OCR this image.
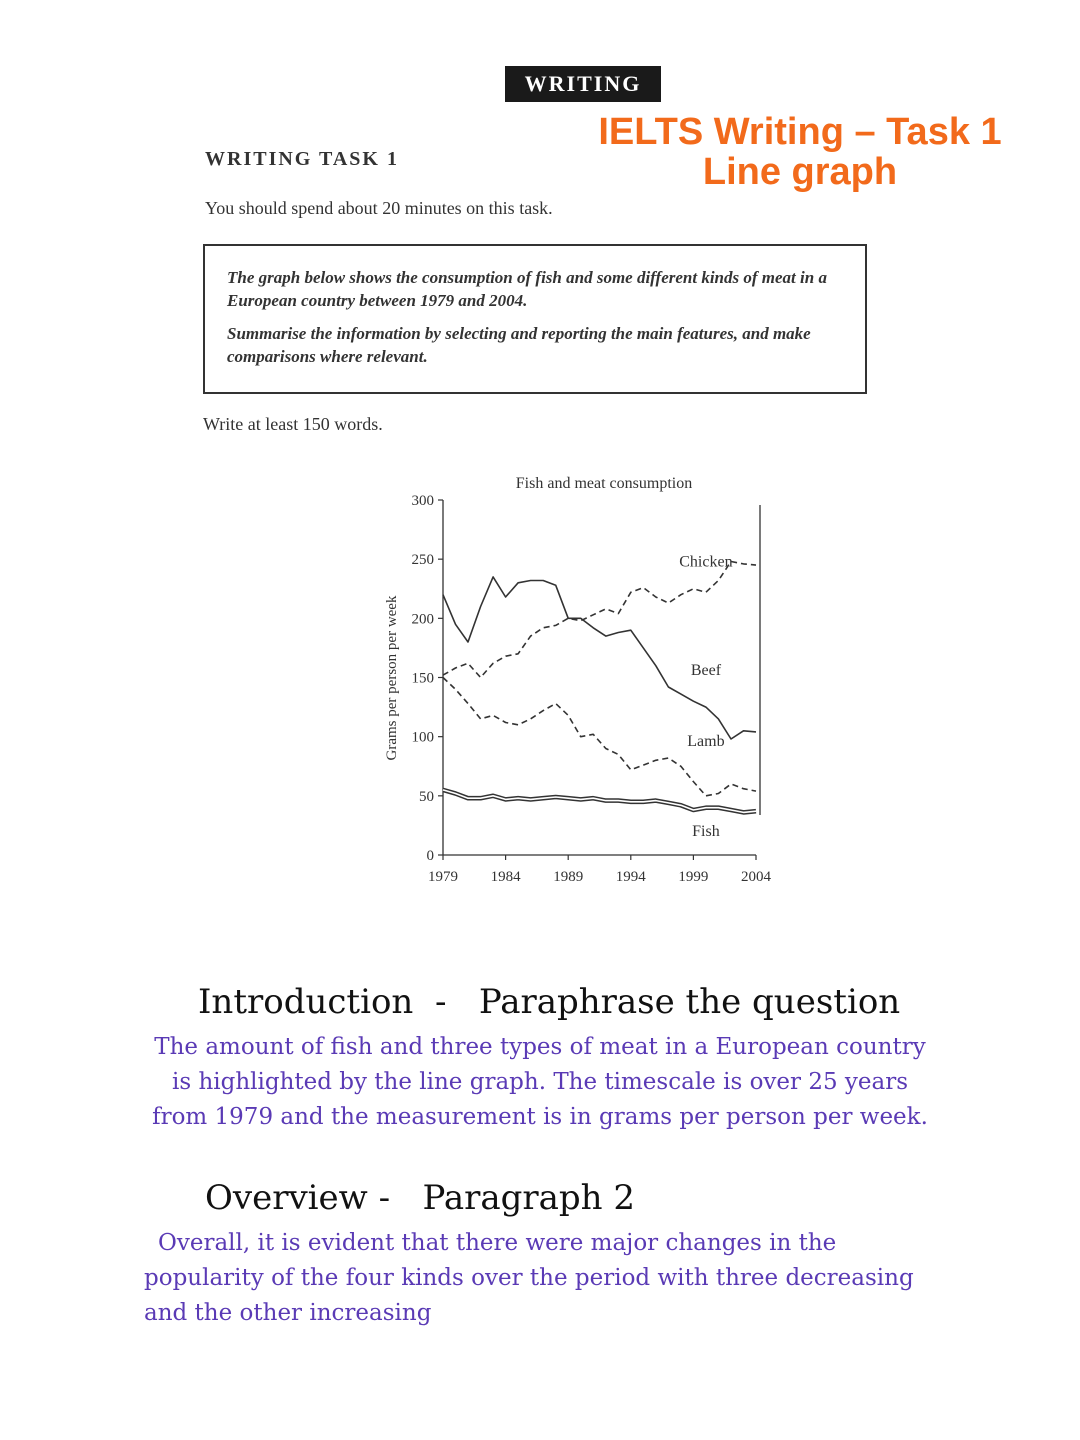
WRITING
IELTS Writing – Task 1
Line graph
WRITING TASK 1
You should spend about 20 minutes on this task.

The graph below shows the consumption of fish and some different kinds of meat in a European country between 1979 and 2004.

Summarise the information by selecting and reporting the main features, and make comparisons where relevant.

Write at least 150 words.
Fish and meat consumption
Grams per person per week
0
50
100
150
200
250
300
1979 1984 1989 1994 1999 2004
Beef
Lamb
Chicken
Fish
Introduction  -   Paraphrase the question
The amount of fish and three types of meat in a European country
is highlighted by the line graph. The timescale is over 25 years
from 1979 and the measurement is in grams per person per week.
Overview -   Paragraph 2
Overall, it is evident that there were major changes in the
popularity of the four kinds over the period with three decreasing
and the other increasing
